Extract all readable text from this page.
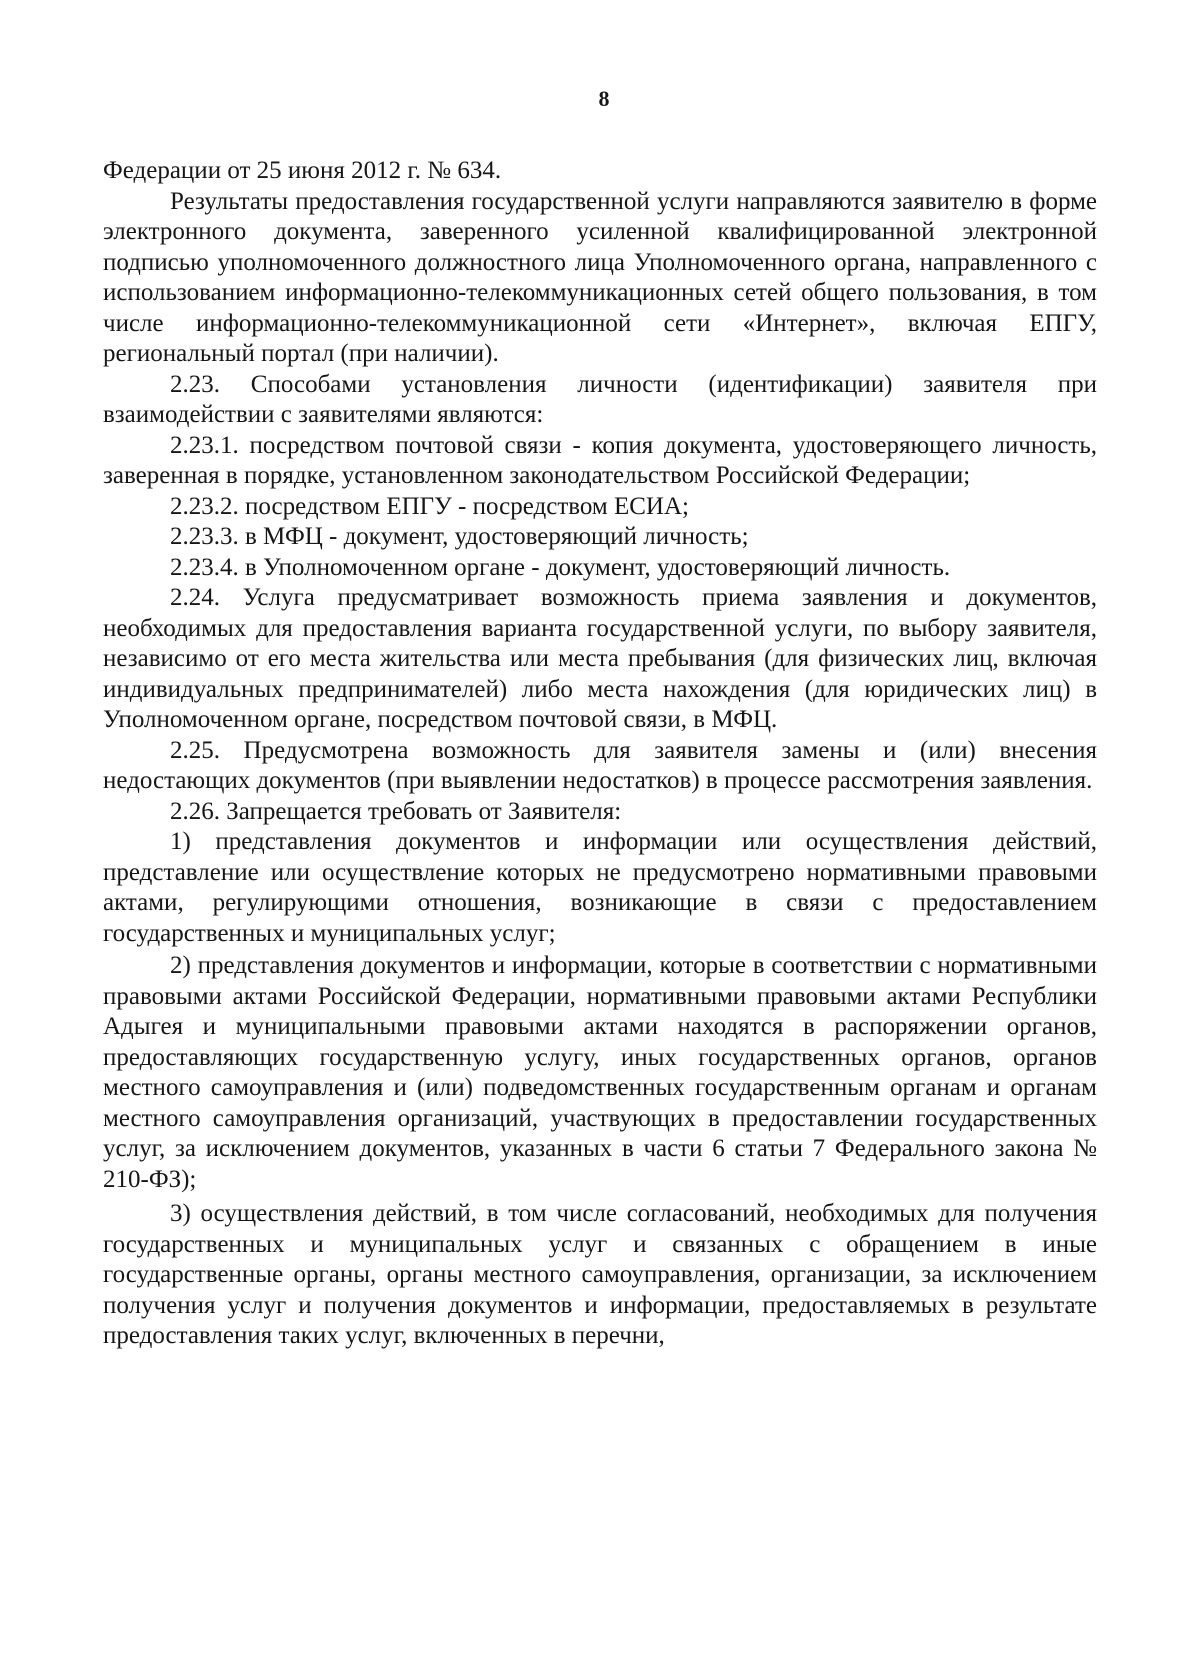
8

Федерации от 25 июня 2012 г. № 634.

Результаты предоставления государственной услуги направляются заявителю в форме электронного документа, заверенного усиленной квалифицированной электронной подписью уполномоченного должностного лица Уполномоченного органа, направленного с использованием информационно-телекоммуникационных сетей общего пользования, в том числе информационно-телекоммуникационной сети «Интернет», включая ЕПГУ, региональный портал (при наличии).

2.23. Способами установления личности (идентификации) заявителя при взаимодействии с заявителями являются:

2.23.1. посредством почтовой связи - копия документа, удостоверяющего личность, заверенная в порядке, установленном законодательством Российской Федерации;

2.23.2. посредством ЕПГУ - посредством ЕСИА;

2.23.3. в МФЦ - документ, удостоверяющий личность;

2.23.4. в Уполномоченном органе - документ, удостоверяющий личность.

2.24. Услуга предусматривает возможность приема заявления и документов, необходимых для предоставления варианта государственной услуги, по выбору заявителя, независимо от его места жительства или места пребывания (для физических лиц, включая индивидуальных предпринимателей) либо места нахождения (для юридических лиц) в Уполномоченном органе, посредством почтовой связи, в МФЦ.

2.25. Предусмотрена возможность для заявителя замены и (или) внесения недостающих документов (при выявлении недостатков) в процессе рассмотрения заявления.

2.26. Запрещается требовать от Заявителя:

1) представления документов и информации или осуществления действий, представление или осуществление которых не предусмотрено нормативными правовыми актами, регулирующими отношения, возникающие в связи с предоставлением государственных и муниципальных услуг;

2) представления документов и информации, которые в соответствии с нормативными правовыми актами Российской Федерации, нормативными правовыми актами Республики Адыгея и муниципальными правовыми актами находятся в распоряжении органов, предоставляющих государственную услугу, иных государственных органов, органов местного самоуправления и (или) подведомственных государственным органам и органам местного самоуправления организаций, участвующих в предоставлении государственных услуг, за исключением документов, указанных в части 6 статьи 7 Федерального закона № 210-ФЗ);

3) осуществления действий, в том числе согласований, необходимых для получения государственных и муниципальных услуг и связанных с обращением в иные государственные органы, органы местного самоуправления, организации, за исключением получения услуг и получения документов и информации, предоставляемых в результате предоставления таких услуг, включенных в перечни,
